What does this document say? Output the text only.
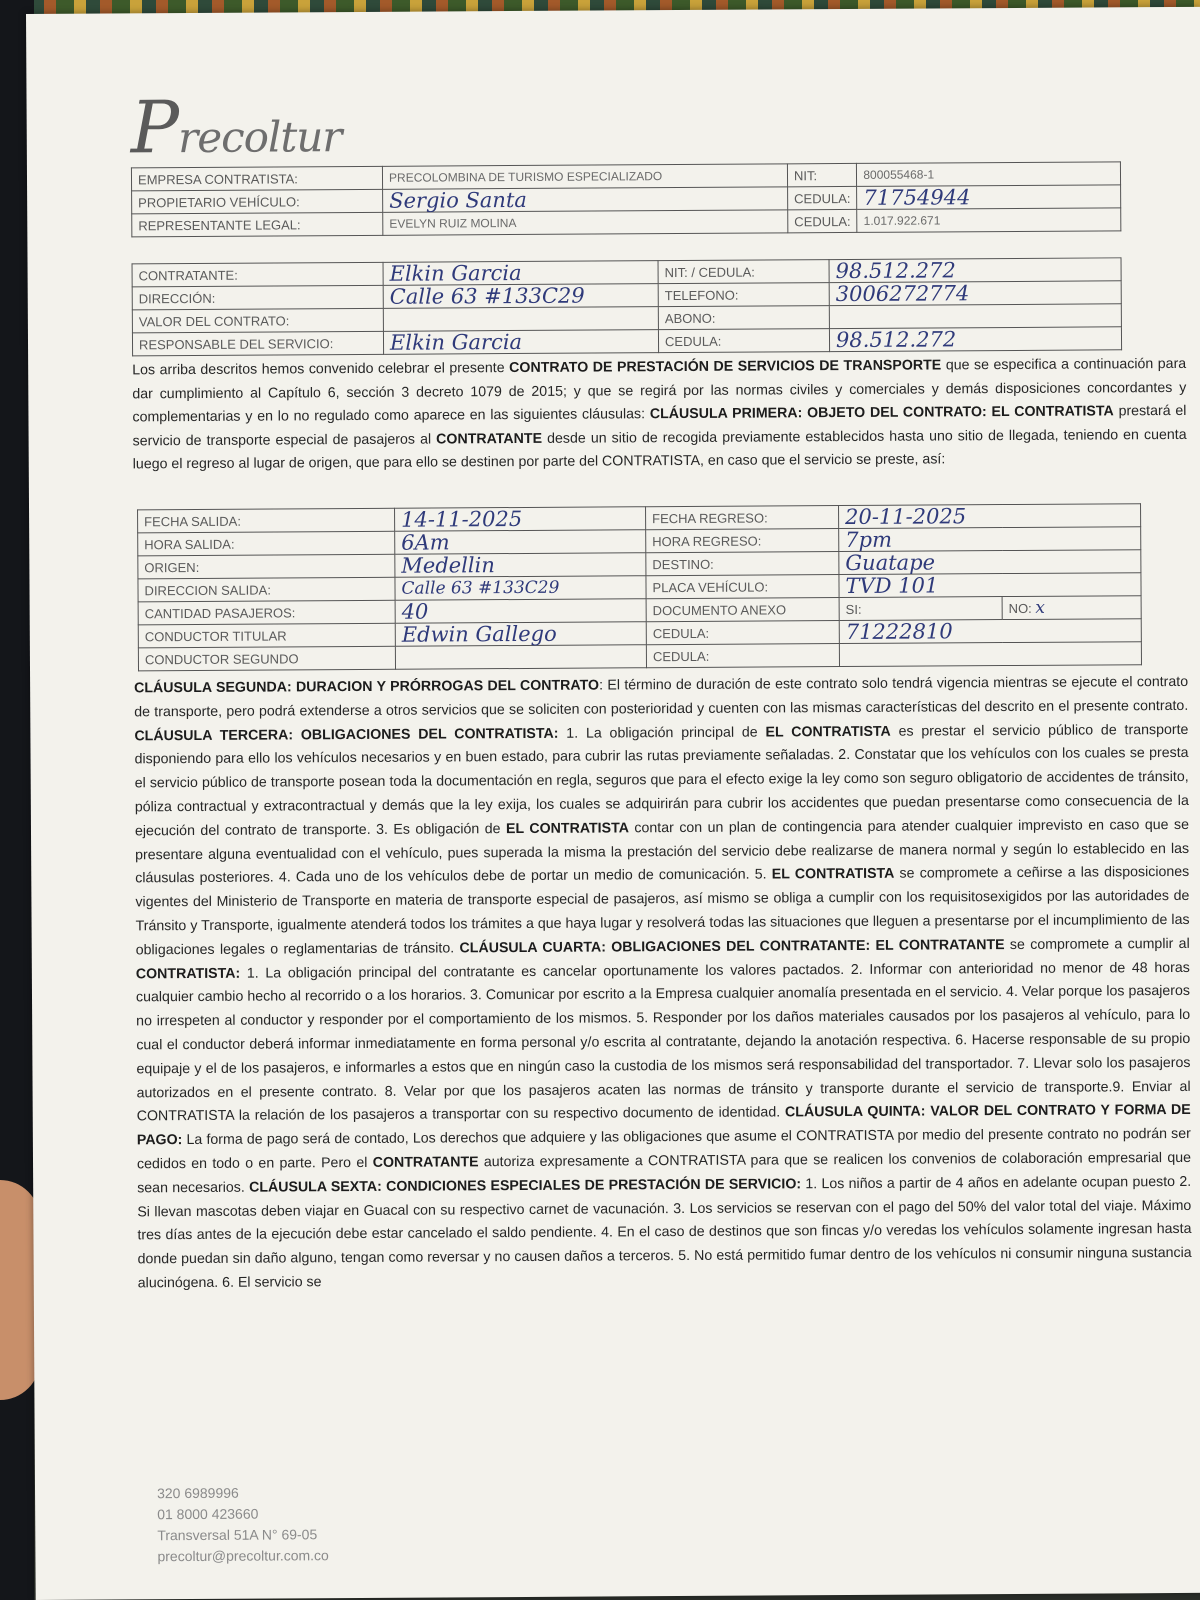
Precoltur
EMPRESA CONTRATISTA:	PRECOLOMBINA DE TURISMO ESPECIALIZADO	NIT:	800055468-1
PROPIETARIO VEHÍCULO:	Sergio Santa	CEDULA:	71754944
REPRESENTANTE LEGAL:	EVELYN RUIZ MOLINA	CEDULA:	1.017.922.671
CONTRATANTE:	Elkin Garcia	NIT: / CEDULA:	98.512.272
DIRECCIÓN:	Calle 63 #133C29	TELEFONO:	3006272774
VALOR DEL CONTRATO:		ABONO:	
RESPONSABLE DEL SERVICIO:	Elkin Garcia	CEDULA:	98.512.272
Los arriba descritos hemos convenido celebrar el presente CONTRATO DE PRESTACIÓN DE SERVICIOS DE TRANSPORTE que se especifica a continuación para dar cumplimiento al Capítulo 6, sección 3 decreto 1079 de 2015; y que se regirá por las normas civiles y comerciales y demás disposiciones concordantes y complementarias y en lo no regulado como aparece en las siguientes cláusulas: CLÁUSULA PRIMERA: OBJETO DEL CONTRATO: EL CONTRATISTA prestará el servicio de transporte especial de pasajeros al CONTRATANTE desde un sitio de recogida previamente establecidos hasta uno sitio de llegada, teniendo en cuenta luego el regreso al lugar de origen, que para ello se destinen por parte del CONTRATISTA, en caso que el servicio se preste, así:
FECHA SALIDA:	14-11-2025	FECHA REGRESO:	20-11-2025	
HORA SALIDA:	6Am	HORA REGRESO:	7pm	
ORIGEN:	Medellin	DESTINO:	Guatape	
DIRECCION SALIDA:	Calle 63 #133C29	PLACA VEHÍCULO:	TVD 101	
CANTIDAD PASAJEROS:	40	DOCUMENTO ANEXO	SI:	NO: x
CONDUCTOR TITULAR	Edwin Gallego	CEDULA:	71222810	
CONDUCTOR SEGUNDO		CEDULA:		
CLÁUSULA SEGUNDA: DURACION Y PRÓRROGAS DEL CONTRATO: El término de duración de este contrato solo tendrá vigencia mientras se ejecute el contrato de transporte, pero podrá extenderse a otros servicios que se soliciten con posterioridad y cuenten con las mismas características del descrito en el presente contrato. CLÁUSULA TERCERA: OBLIGACIONES DEL CONTRATISTA: 1. La obligación principal de EL CONTRATISTA es prestar el servicio público de transporte disponiendo para ello los vehículos necesarios y en buen estado, para cubrir las rutas previamente señaladas. 2. Constatar que los vehículos con los cuales se presta el servicio público de transporte posean toda la documentación en regla, seguros que para el efecto exige la ley como son seguro obligatorio de accidentes de tránsito, póliza contractual y extracontractual y demás que la ley exija, los cuales se adquirirán para cubrir los accidentes que puedan presentarse como consecuencia de la ejecución del contrato de transporte. 3. Es obligación de EL CONTRATISTA contar con un plan de contingencia para atender cualquier imprevisto en caso que se presentare alguna eventualidad con el vehículo, pues superada la misma la prestación del servicio debe realizarse de manera normal y según lo establecido en las cláusulas posteriores. 4. Cada uno de los vehículos debe de portar un medio de comunicación. 5. EL CONTRATISTA se compromete a ceñirse a las disposiciones vigentes del Ministerio de Transporte en materia de transporte especial de pasajeros, así mismo se obliga a cumplir con los requisitosexigidos por las autoridades de Tránsito y Transporte, igualmente atenderá todos los trámites a que haya lugar y resolverá todas las situaciones que lleguen a presentarse por el incumplimiento de las obligaciones legales o reglamentarias de tránsito. CLÁUSULA CUARTA: OBLIGACIONES DEL CONTRATANTE: EL CONTRATANTE se compromete a cumplir al CONTRATISTA: 1. La obligación principal del contratante es cancelar oportunamente los valores pactados. 2. Informar con anterioridad no menor de 48 horas cualquier cambio hecho al recorrido o a los horarios. 3. Comunicar por escrito a la Empresa cualquier anomalía presentada en el servicio. 4. Velar porque los pasajeros no irrespeten al conductor y responder por el comportamiento de los mismos. 5. Responder por los daños materiales causados por los pasajeros al vehículo, para lo cual el conductor deberá informar inmediatamente en forma personal y/o escrita al contratante, dejando la anotación respectiva. 6. Hacerse responsable de su propio equipaje y el de los pasajeros, e informarles a estos que en ningún caso la custodia de los mismos será responsabilidad del transportador. 7. Llevar solo los pasajeros autorizados en el presente contrato. 8. Velar por que los pasajeros acaten las normas de tránsito y transporte durante el servicio de transporte.9. Enviar al CONTRATISTA la relación de los pasajeros a transportar con su respectivo documento de identidad. CLÁUSULA QUINTA: VALOR DEL CONTRATO Y FORMA DE PAGO: La forma de pago será de contado, Los derechos que adquiere y las obligaciones que asume el CONTRATISTA por medio del presente contrato no podrán ser cedidos en todo o en parte. Pero el CONTRATANTE autoriza expresamente a CONTRATISTA para que se realicen los convenios de colaboración empresarial que sean necesarios. CLÁUSULA SEXTA: CONDICIONES ESPECIALES DE PRESTACIÓN DE SERVICIO: 1. Los niños a partir de 4 años en adelante ocupan puesto 2. Si llevan mascotas deben viajar en Guacal con su respectivo carnet de vacunación. 3. Los servicios se reservan con el pago del 50% del valor total del viaje. Máximo tres días antes de la ejecución debe estar cancelado el saldo pendiente. 4. En el caso de destinos que son fincas y/o veredas los vehículos solamente ingresan hasta donde puedan sin daño alguno, tengan como reversar y no causen daños a terceros. 5. No está permitido fumar dentro de los vehículos ni consumir ninguna sustancia alucinógena. 6. El servicio se
320 6989996
01 8000 423660
Transversal 51A N° 69-05
precoltur@precoltur.com.co
